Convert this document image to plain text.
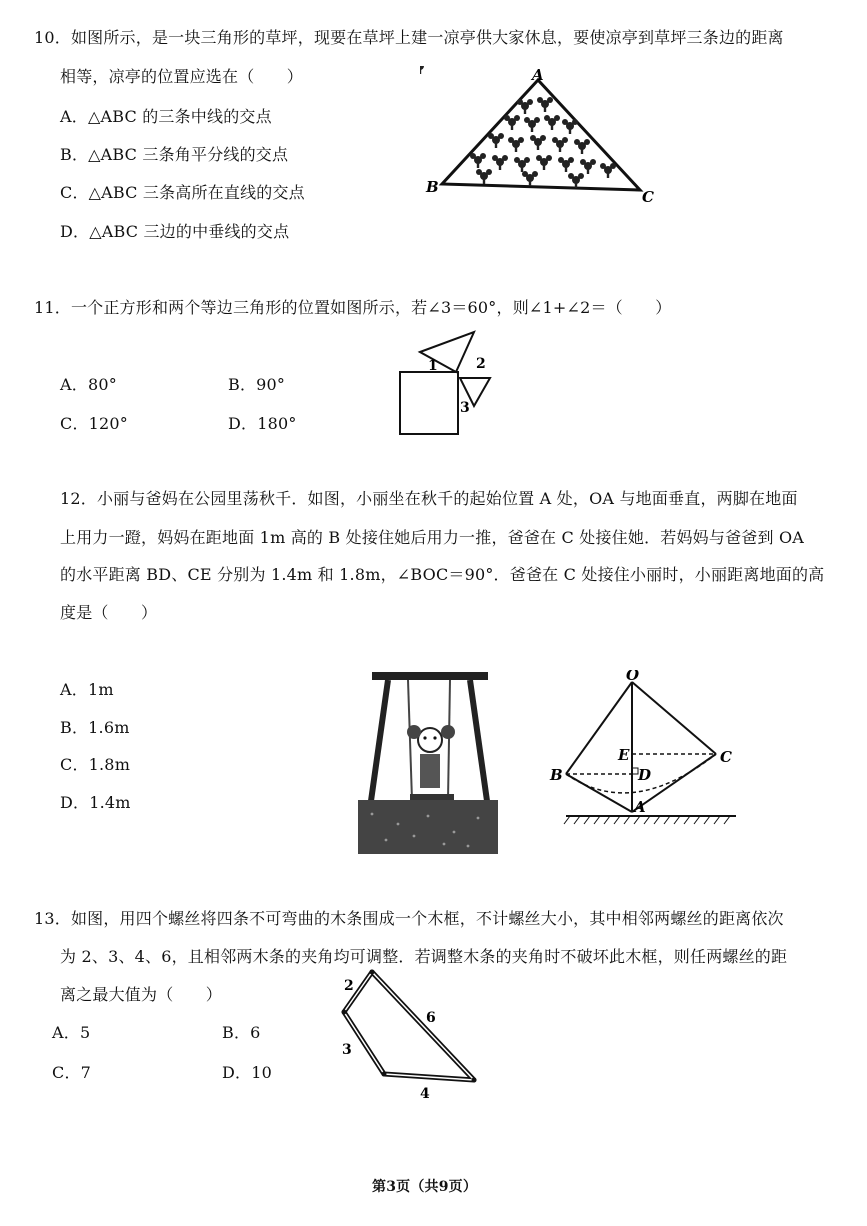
10．如图所示，是一块三角形的草坪，现要在草坪上建一凉亭供大家休息，要使凉亭到草坪三条边的距离
相等，凉亭的位置应选在（　　）
A．△ABC 的三条中线的交点
B．△ABC 三条角平分线的交点
C．△ABC 三条高所在直线的交点
D．△ABC 三边的中垂线的交点
A
B
C
11．一个正方形和两个等边三角形的位置如图所示，若∠3＝60°，则∠1+∠2＝（　　）
A．80°	B．90°
C．120°	D．180°
1	2
3
12．小丽与爸妈在公园里荡秋千．如图，小丽坐在秋千的起始位置 A 处，OA 与地面垂直，两脚在地面
上用力一蹬，妈妈在距地面 1m 高的 B 处接住她后用力一推，爸爸在 C 处接住她．若妈妈与爸爸到 OA
的水平距离 BD、CE 分别为 1.4m 和 1.8m，∠BOC＝90°．爸爸在 C 处接住小丽时，小丽距离地面的高
度是（　　）
A．1m
B．1.6m
C．1.8m
D．1.4m
O
E	C
B	D
A
13．如图，用四个螺丝将四条不可弯曲的木条围成一个木框，不计螺丝大小，其中相邻两螺丝的距离依次
为 2、3、4、6，且相邻两木条的夹角均可调整．若调整木条的夹角时不破坏此木框，则任两螺丝的距
离之最大值为（　　）
A．5	B．6
C．7	D．10
2
3
4
6
第3页（共9页）
